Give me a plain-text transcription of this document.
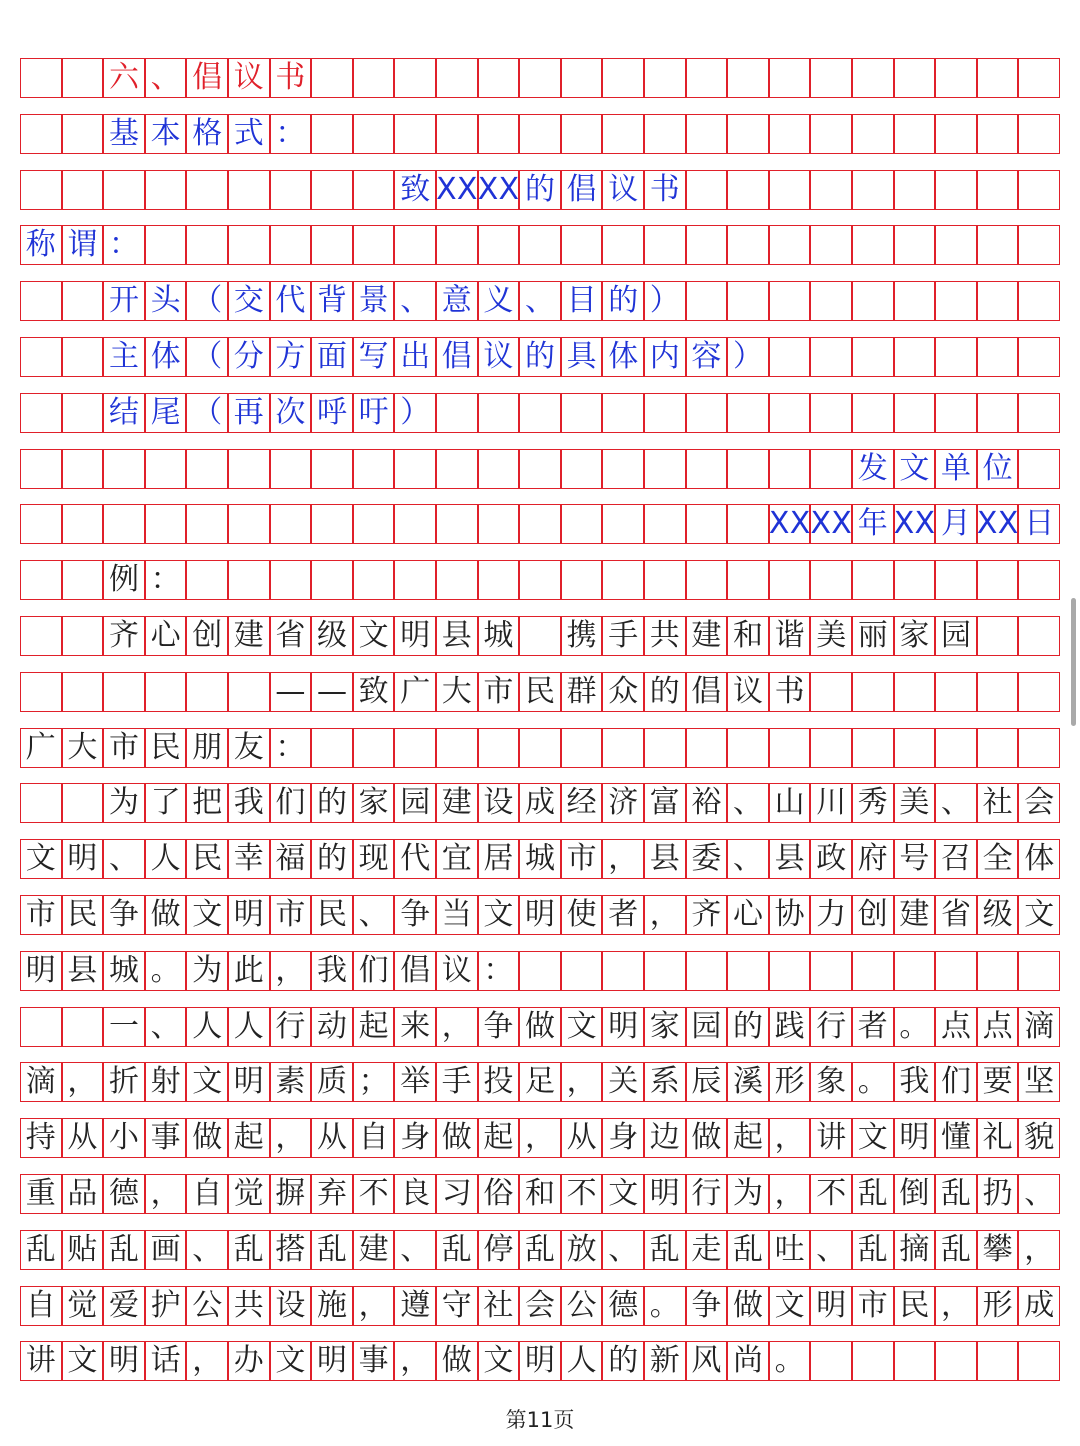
六 、 倡 议 书
基 本 格 式 ：
致 X X X X 的 倡 议 书
称 谓 ：
开 头 （ 交 代 背 景 、 意 义 、 目 的 ）
主 体 （ 分 方 面 写 出 倡 议 的 具 体 内 容 ）
结 尾 （ 再 次 呼 吁 ）
发 文 单 位
X X X X 年 X X 月 X X 日
例 ：
齐 心 创 建 省 级 文 明 县 城 携 手 共 建 和 谐 美 丽 家 园
— — 致 广 大 市 民 群 众 的 倡 议 书
广 大 市 民 朋 友 ：
为 了 把 我 们 的 家 园 建 设 成 经 济 富 裕 、 山 川 秀 美 、 社 会
文 明 、 人 民 幸 福 的 现 代 宜 居 城 市 ， 县 委 、 县 政 府 号 召 全 体
市 民 争 做 文 明 市 民 、 争 当 文 明 使 者 ， 齐 心 协 力 创 建 省 级 文
明 县 城 。 为 此 ， 我 们 倡 议 ：
一 、 人 人 行 动 起 来 ， 争 做 文 明 家 园 的 践 行 者 。 点 点 滴
滴 ， 折 射 文 明 素 质 ； 举 手 投 足 ， 关 系 辰 溪 形 象 。 我 们 要 坚
持 从 小 事 做 起 ， 从 自 身 做 起 ， 从 身 边 做 起 ， 讲 文 明 懂 礼 貌
重 品 德 ， 自 觉 摒 弃 不 良 习 俗 和 不 文 明 行 为 ， 不 乱 倒 乱 扔 、
乱 贴 乱 画 、 乱 搭 乱 建 、 乱 停 乱 放 、 乱 走 乱 吐 、 乱 摘 乱 攀 ，
自 觉 爱 护 公 共 设 施 ， 遵 守 社 会 公 德 。 争 做 文 明 市 民 ， 形 成
讲 文 明 话 ， 办 文 明 事 ， 做 文 明 人 的 新 风 尚 。
第11页
